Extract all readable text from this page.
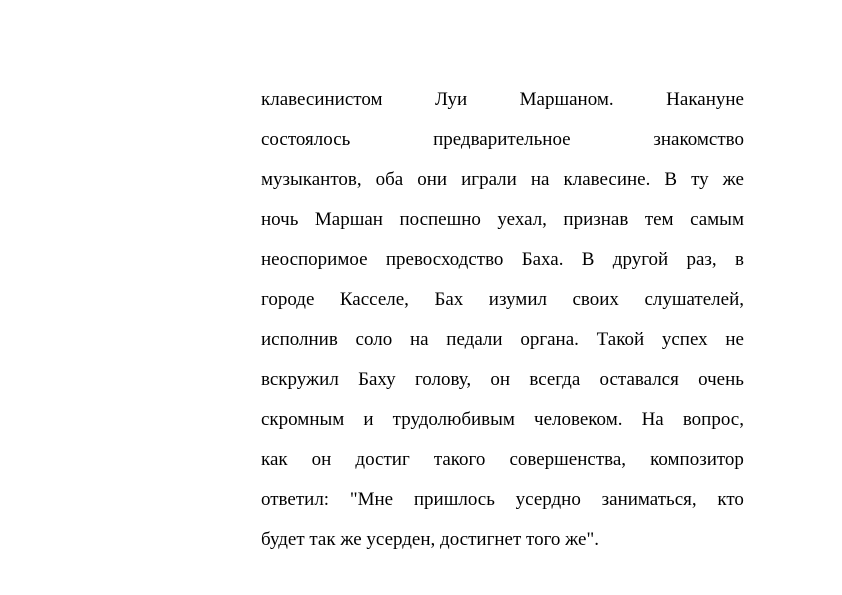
клавесинистом	Луи	Маршаном.	Накануне
состоялось	предварительное	знакомство
музыкантов, оба они играли на клавесине. В ту же
ночь Маршан поспешно уехал, признав тем самым
неоспоримое превосходство Баха. В другой раз, в
городе Касселе, Бах изумил своих слушателей,
исполнив соло на педали органа. Такой успех не
вскружил Баху голову, он всегда оставался очень
скромным и трудолюбивым человеком. На вопрос,
как он достиг такого совершенства, композитор
ответил: "Мне пришлось усердно заниматься, кто
будет так же усерден, достигнет того же".
